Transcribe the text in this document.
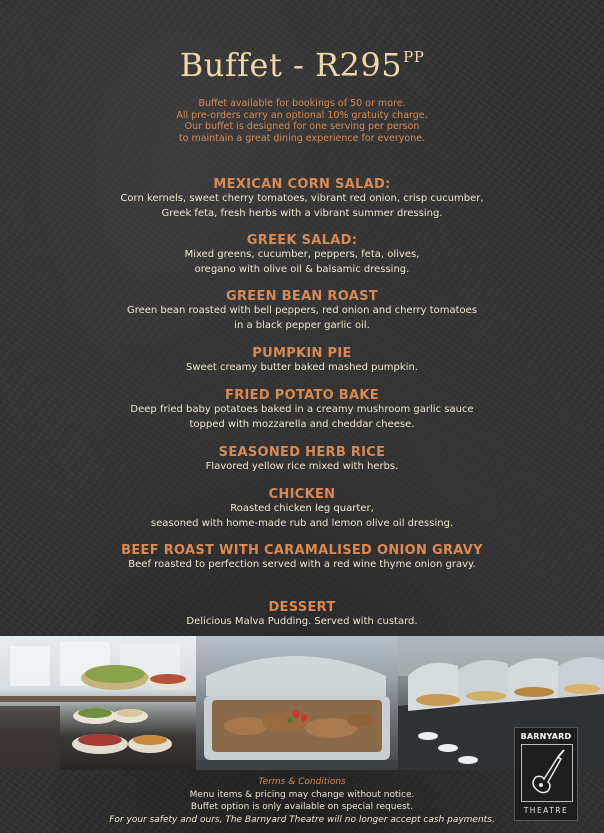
Buffet - $R295^{PP}$
Buffet available for bookings of 50 or more.
All pre-orders carry an optional 10% gratuity charge.
Our buffet is designed for one serving per person
to maintain a great dining experience for everyone.
MEXICAN CORN SALAD:
Corn kernels, sweet cherry tomatoes, vibrant red onion, crisp cucumber,
Greek feta, fresh herbs with a vibrant summer dressing.
GREEK SALAD:
Mixed greens, cucumber, peppers, feta, olives,
oregano with olive oil & balsamic dressing.
GREEN BEAN ROAST
Green bean roasted with bell peppers, red onion and cherry tomatoes
in a black pepper garlic oil.
PUMPKIN PIE
Sweet creamy butter baked mashed pumpkin.
FRIED POTATO BAKE
Deep fried baby potatoes baked in a creamy mushroom garlic sauce
topped with mozzarella and cheddar cheese.
SEASONED HERB RICE
Flavored yellow rice mixed with herbs.
CHICKEN
Roasted chicken leg quarter,
seasoned with home-made rub and lemon olive oil dressing.
BEEF ROAST WITH CARAMALISED ONION GRAVY
Beef roasted to perfection served with a red wine thyme onion gravy.
DESSERT
Delicious Malva Pudding. Served with custard.
BARNYARD
THEATRE
Terms & Conditions
Menu items & pricing may change without notice.
Buffet option is only available on special request.
For your safety and ours, The Barnyard Theatre will no longer accept cash payments.
